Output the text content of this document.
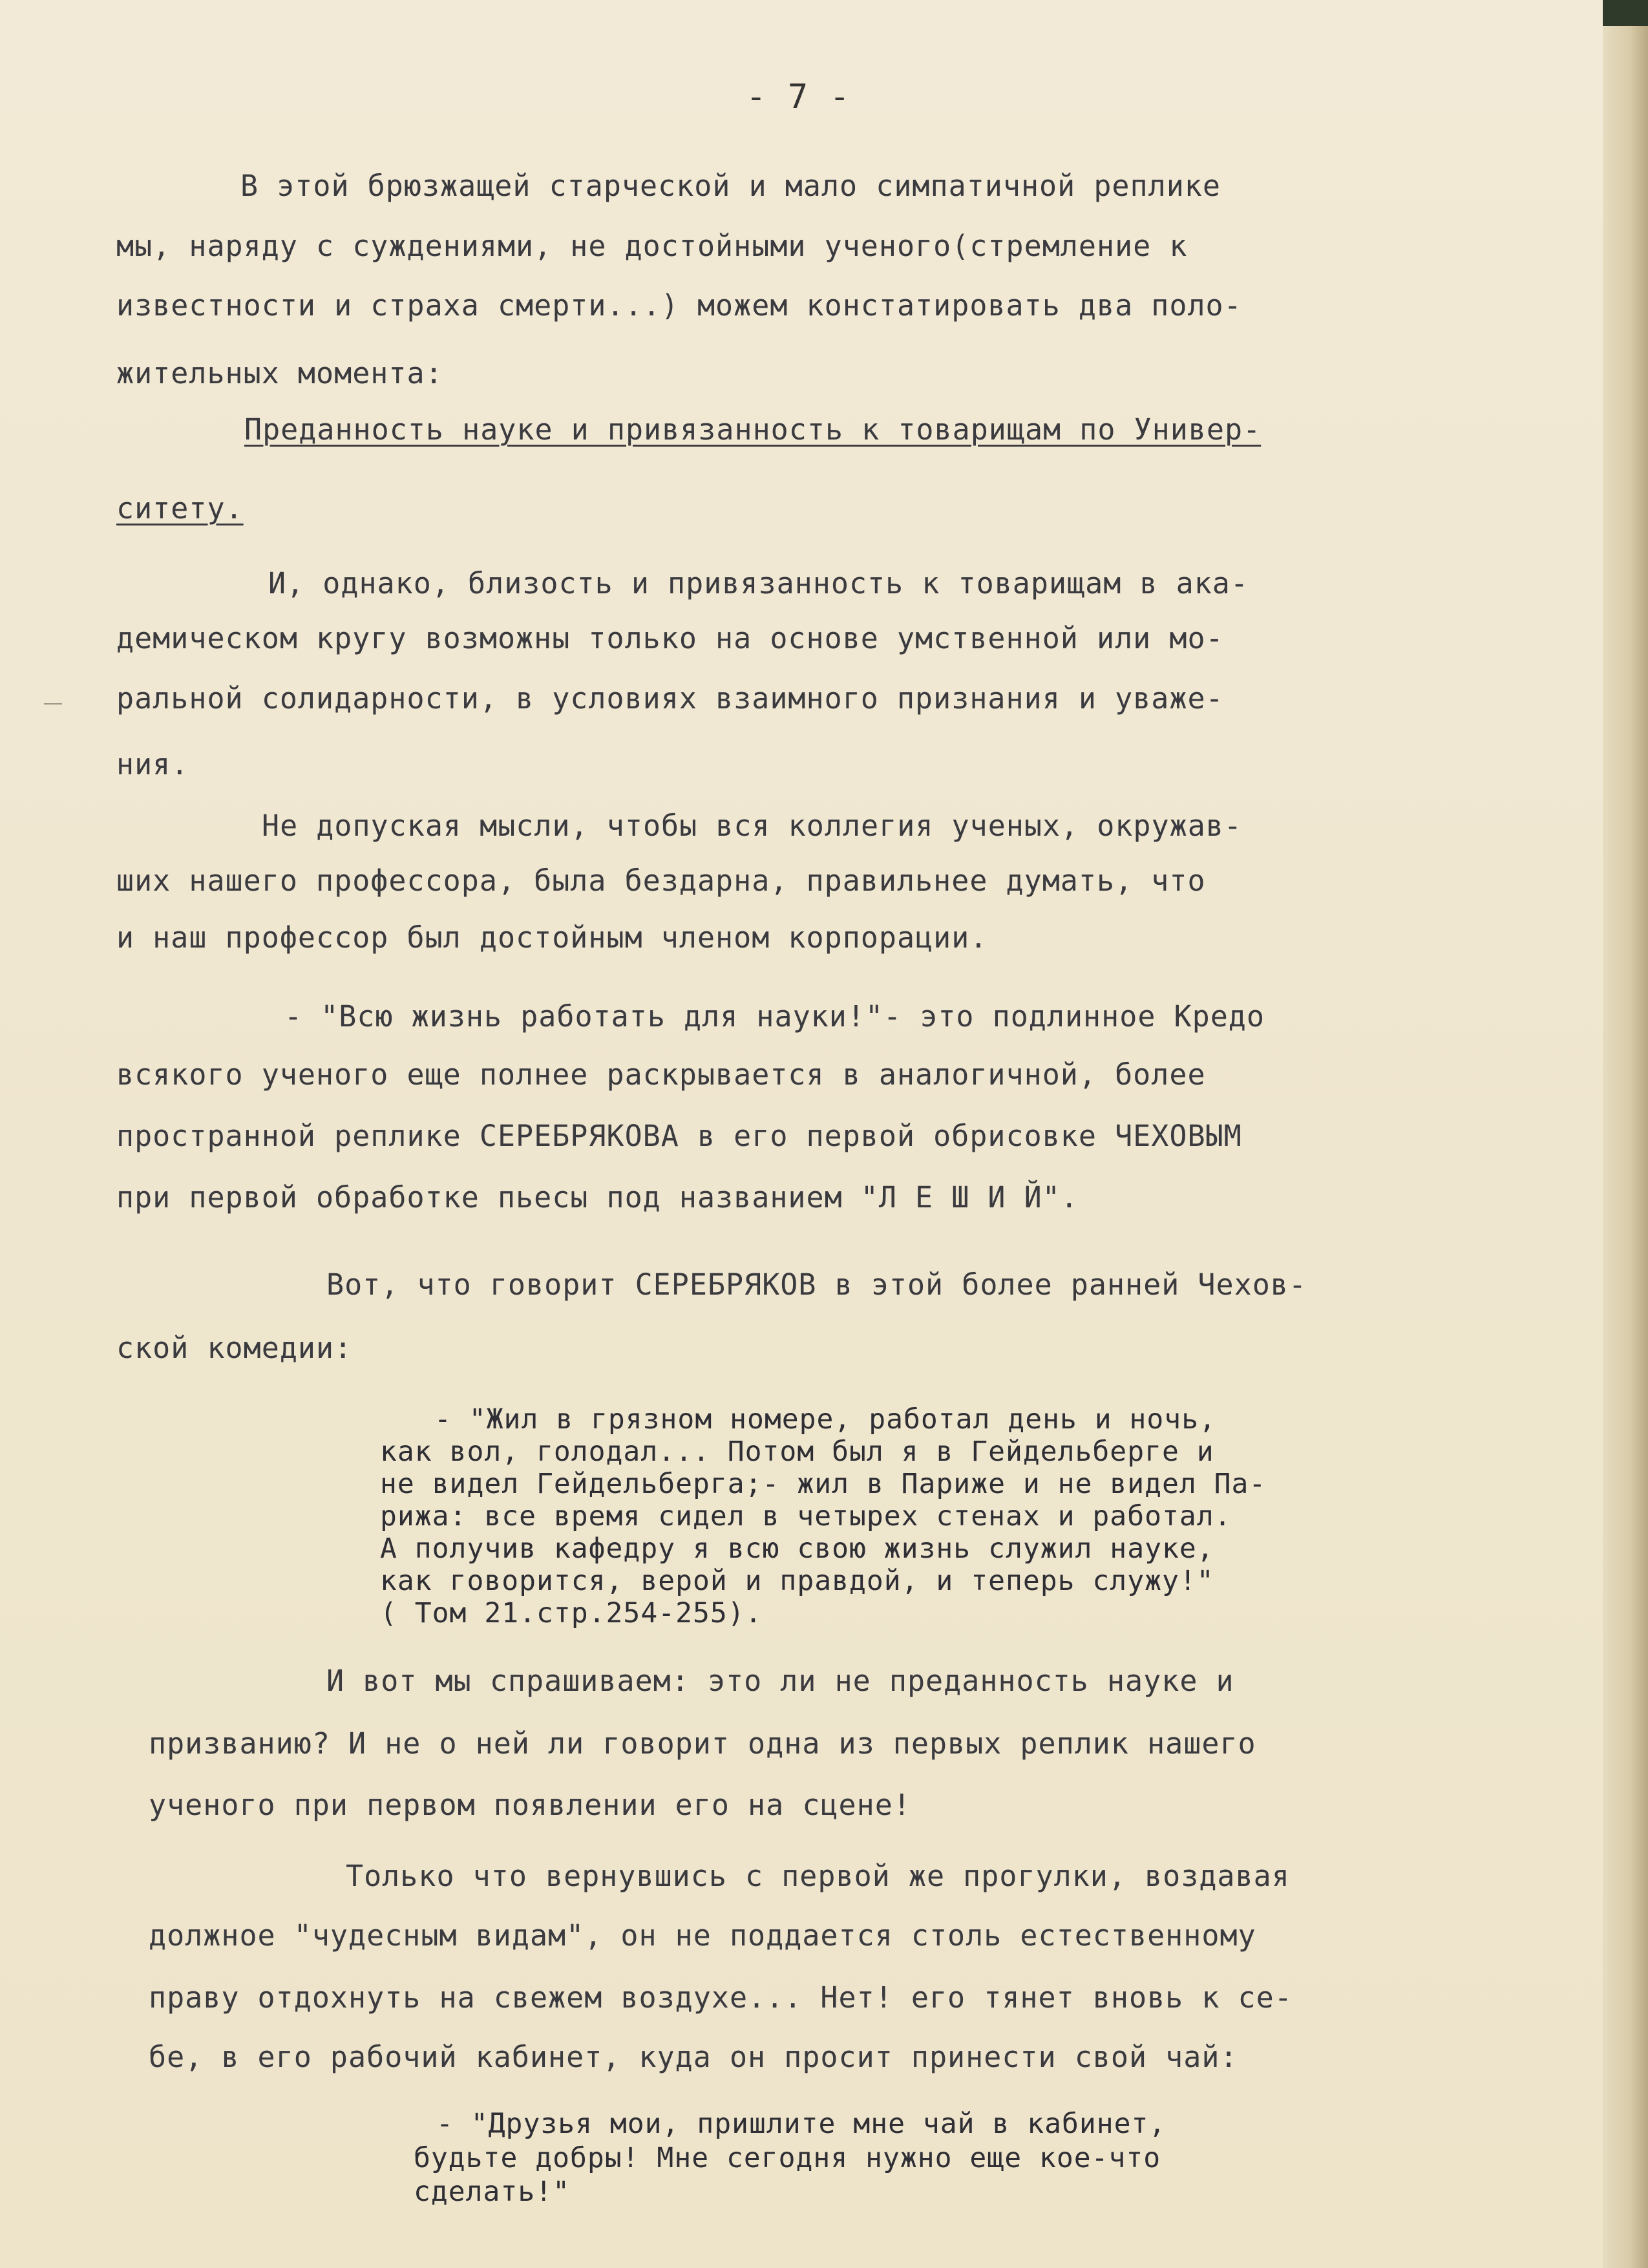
- 7 -
В этой брюзжащей старческой и мало симпатичной реплике
мы, наряду с суждениями, не достойными ученого(стремление к
известности и страха смерти...) можем констатировать два поло-
жительных момента:
Преданность науке и привязанность к товарищам по Универ-
ситету.
И, однако, близость и привязанность к товарищам в ака-
демическом кругу возможны только на основе умственной или мо-
ральной солидарности, в условиях взаимного признания и уваже-
ния.
Не допуская мысли, чтобы вся коллегия ученых, окружав-
ших нашего профессора, была бездарна, правильнее думать, что
и наш профессор был достойным членом корпорации.
- "Всю жизнь работать для науки!"- это подлинное Кредо
всякого ученого еще полнее раскрывается в аналогичной, более
пространной реплике СЕРЕБРЯКОВА в его первой обрисовке ЧЕХОВЫМ
при первой обработке пьесы под названием "Л Е Ш И Й".
Вот, что говорит СЕРЕБРЯКОВ в этой более ранней Чехов-
ской комедии:
- "Жил в грязном номере, работал день и ночь,
как вол, голодал... Потом был я в Гейдельберге и
не видел Гейдельберга;- жил в Париже и не видел Па-
рижа: все время сидел в четырех стенах и работал.
А получив кафедру я всю свою жизнь служил науке,
как говорится, верой и правдой, и теперь служу!"
( Том 21.стр.254-255).
И вот мы спрашиваем: это ли не преданность науке и
призванию? И не о ней ли говорит одна из первых реплик нашего
ученого при первом появлении его на сцене!
Только что вернувшись с первой же прогулки, воздавая
должное "чудесным видам", он не поддается столь естественному
праву отдохнуть на свежем воздухе... Нет! его тянет вновь к се-
бе, в его рабочий кабинет, куда он просит принести свой чай:
- "Друзья мои, пришлите мне чай в кабинет,
будьте добры! Мне сегодня нужно еще кое-что
сделать!"
